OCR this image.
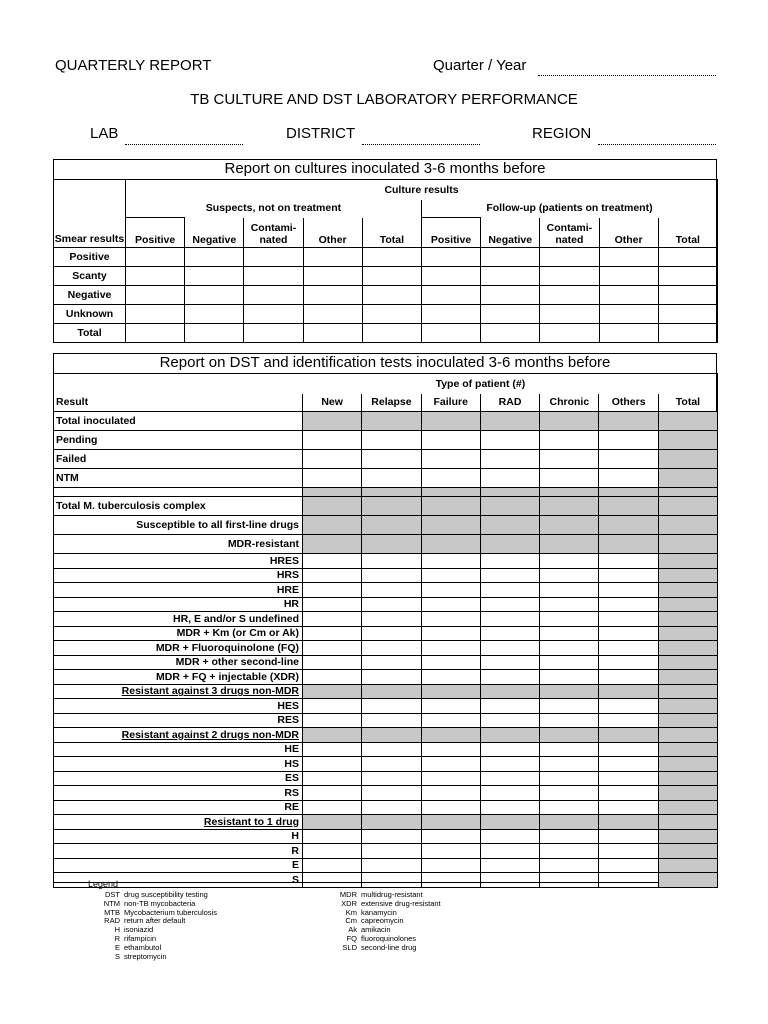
QUARTERLY REPORT	Quarter / Year
TB CULTURE AND DST LABORATORY PERFORMANCE
LAB	DISTRICT	REGION
Report on cultures inoculated 3-6 months before
Smear results	Culture results									
	Suspects, not on treatment					Follow-up (patients on treatment)				
	Positive	Negative	Contami-nated	Other	Total	Positive	Negative	Contami-nated	Other	Total
Positive										
Scanty										
Negative										
Unknown										
Total										
Report on DST and identification tests inoculated 3-6 months before
	Type of patient (#)						
Result	New	Relapse	Failure	RAD	Chronic	Others	Total
Total inoculated							
Pending							
Failed							
NTM							

Total M. tuberculosis complex							
Susceptible to all first-line drugs							
MDR-resistant							
HRES							
HRS							
HRE							
HR							
HR, E and/or S undefined							
MDR + Km (or Cm or Ak)							
MDR + Fluoroquinolone (FQ)							
MDR + other second-line							
MDR + FQ + injectable (XDR)							
Resistant against 3 drugs non-MDR							
HES							
RES							
Resistant against 2 drugs non-MDR							
HE							
HS							
ES							
RS							
RE							
Resistant to 1 drug							
H							
R							
E							
S							
Legend
DST drug susceptibility testing
NTM non-TB mycobacteria
MTB Mycobacterium tuberculosis
RAD return after default
H isoniazid
R rifampicin
E ethambutol
S streptomycin
MDR multidrug-resistant
XDR extensive drug-resistant
Km kanamycin
Cm capreomycin
Ak amikacin
FQ fluoroquinolones
SLD second-line drug
